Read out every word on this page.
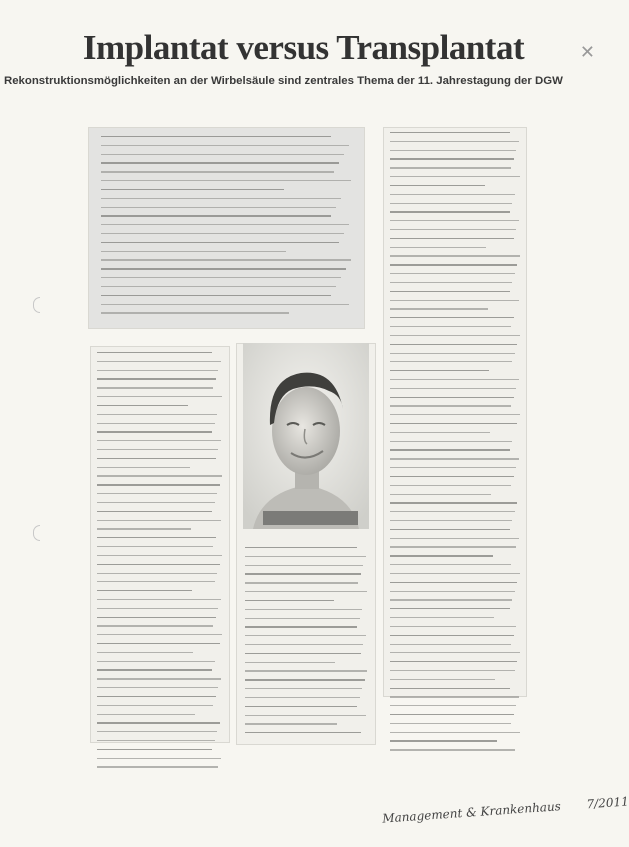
Implantat versus Transplantat

Rekonstruktionsmöglichkeiten an der Wirbelsäule sind zentrales Thema der 11. Jahrestagung der DGW

✕
Management & Krankenhaus 7/2011
